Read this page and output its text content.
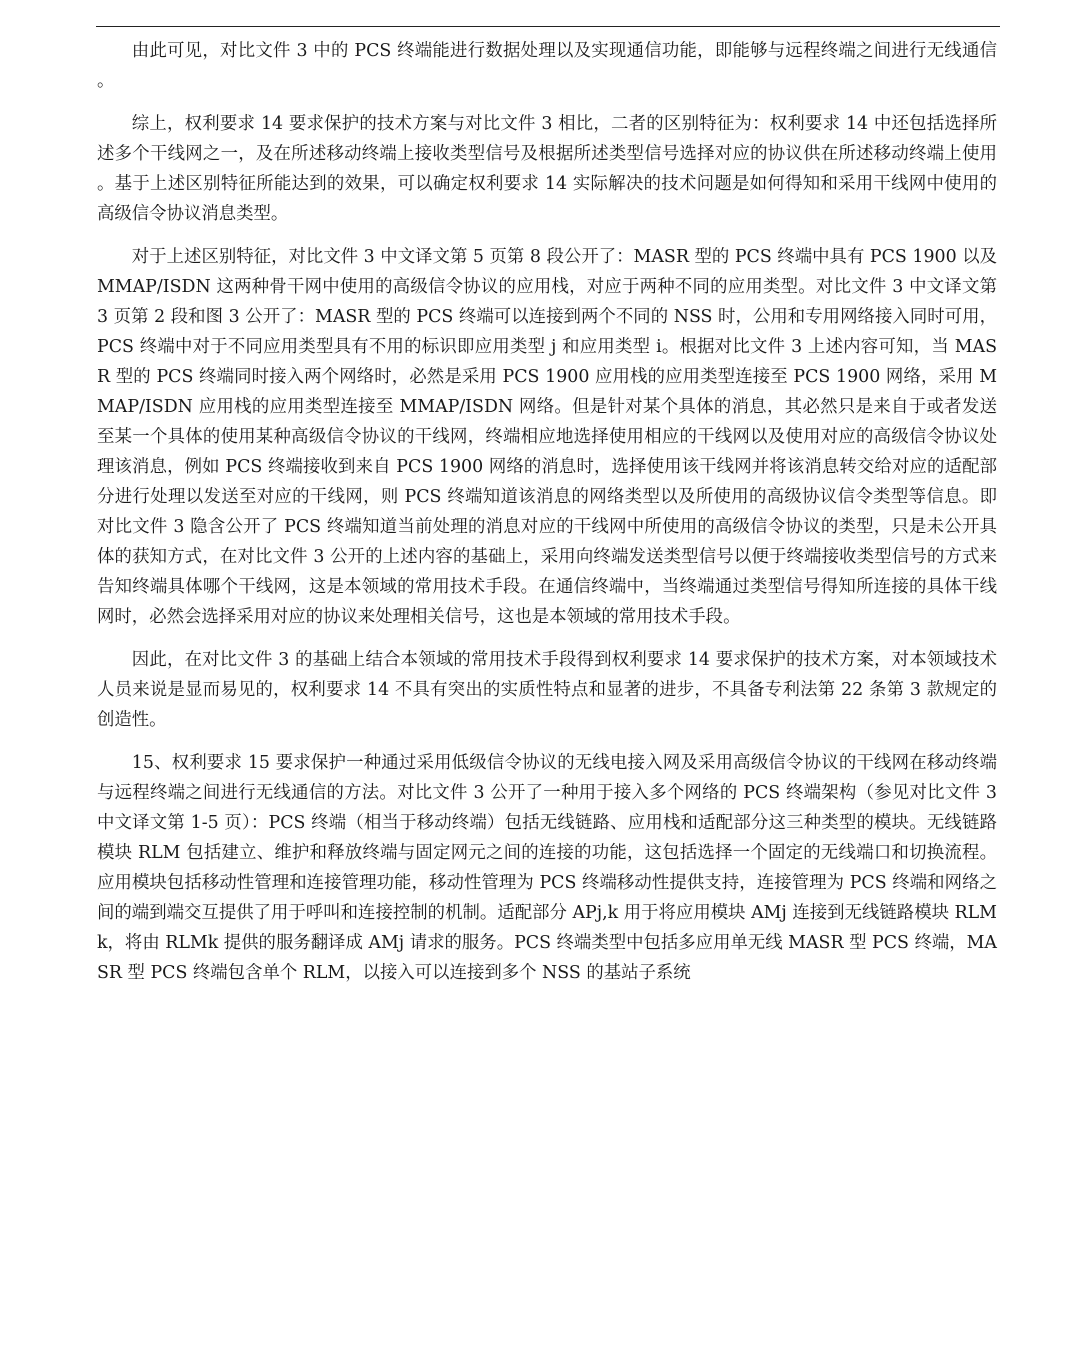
由此可见，对比文件 3 中的 PCS 终端能进行数据处理以及实现通信功能，即能够与远程终端之间进行无线通信。

综上，权利要求 14 要求保护的技术方案与对比文件 3 相比，二者的区别特征为：权利要求 14 中还包括选择所述多个干线网之一，及在所述移动终端上接收类型信号及根据所述类型信号选择对应的协议供在所述移动终端上使用。基于上述区别特征所能达到的效果，可以确定权利要求 14 实际解决的技术问题是如何得知和采用干线网中使用的高级信令协议消息类型。

对于上述区别特征，对比文件 3 中文译文第 5 页第 8 段公开了：MASR 型的 PCS 终端中具有 PCS 1900 以及 MMAP/ISDN 这两种骨干网中使用的高级信令协议的应用栈，对应于两种不同的应用类型。对比文件 3 中文译文第 3 页第 2 段和图 3 公开了：MASR 型的 PCS 终端可以连接到两个不同的 NSS 时，公用和专用网络接入同时可用，PCS 终端中对于不同应用类型具有不用的标识即应用类型 j 和应用类型 i。根据对比文件 3 上述内容可知，当 MASR 型的 PCS 终端同时接入两个网络时，必然是采用 PCS 1900 应用栈的应用类型连接至 PCS 1900 网络，采用 MMAP/ISDN 应用栈的应用类型连接至 MMAP/ISDN 网络。但是针对某个具体的消息，其必然只是来自于或者发送至某一个具体的使用某种高级信令协议的干线网，终端相应地选择使用相应的干线网以及使用对应的高级信令协议处理该消息，例如 PCS 终端接收到来自 PCS 1900 网络的消息时，选择使用该干线网并将该消息转交给对应的适配部分进行处理以发送至对应的干线网，则 PCS 终端知道该消息的网络类型以及所使用的高级协议信令类型等信息。即对比文件 3 隐含公开了 PCS 终端知道当前处理的消息对应的干线网中所使用的高级信令协议的类型，只是未公开具体的获知方式，在对比文件 3 公开的上述内容的基础上，采用向终端发送类型信号以便于终端接收类型信号的方式来告知终端具体哪个干线网，这是本领域的常用技术手段。在通信终端中，当终端通过类型信号得知所连接的具体干线网时，必然会选择采用对应的协议来处理相关信号，这也是本领域的常用技术手段。

因此，在对比文件 3 的基础上结合本领域的常用技术手段得到权利要求 14 要求保护的技术方案，对本领域技术人员来说是显而易见的，权利要求 14 不具有突出的实质性特点和显著的进步，不具备专利法第 22 条第 3 款规定的创造性。

15、权利要求 15 要求保护一种通过采用低级信令协议的无线电接入网及采用高级信令协议的干线网在移动终端与远程终端之间进行无线通信的方法。对比文件 3 公开了一种用于接入多个网络的 PCS 终端架构（参见对比文件 3 中文译文第 1-5 页）：PCS 终端（相当于移动终端）包括无线链路、应用栈和适配部分这三种类型的模块。无线链路模块 RLM 包括建立、维护和释放终端与固定网元之间的连接的功能，这包括选择一个固定的无线端口和切换流程。应用模块包括移动性管理和连接管理功能，移动性管理为 PCS 终端移动性提供支持，连接管理为 PCS 终端和网络之间的端到端交互提供了用于呼叫和连接控制的机制。适配部分 APj,k 用于将应用模块 AMj 连接到无线链路模块 RLMk，将由 RLMk 提供的服务翻译成 AMj 请求的服务。PCS 终端类型中包括多应用单无线 MASR 型 PCS 终端，MASR 型 PCS 终端包含单个 RLM，以接入可以连接到多个 NSS 的基站子系统
